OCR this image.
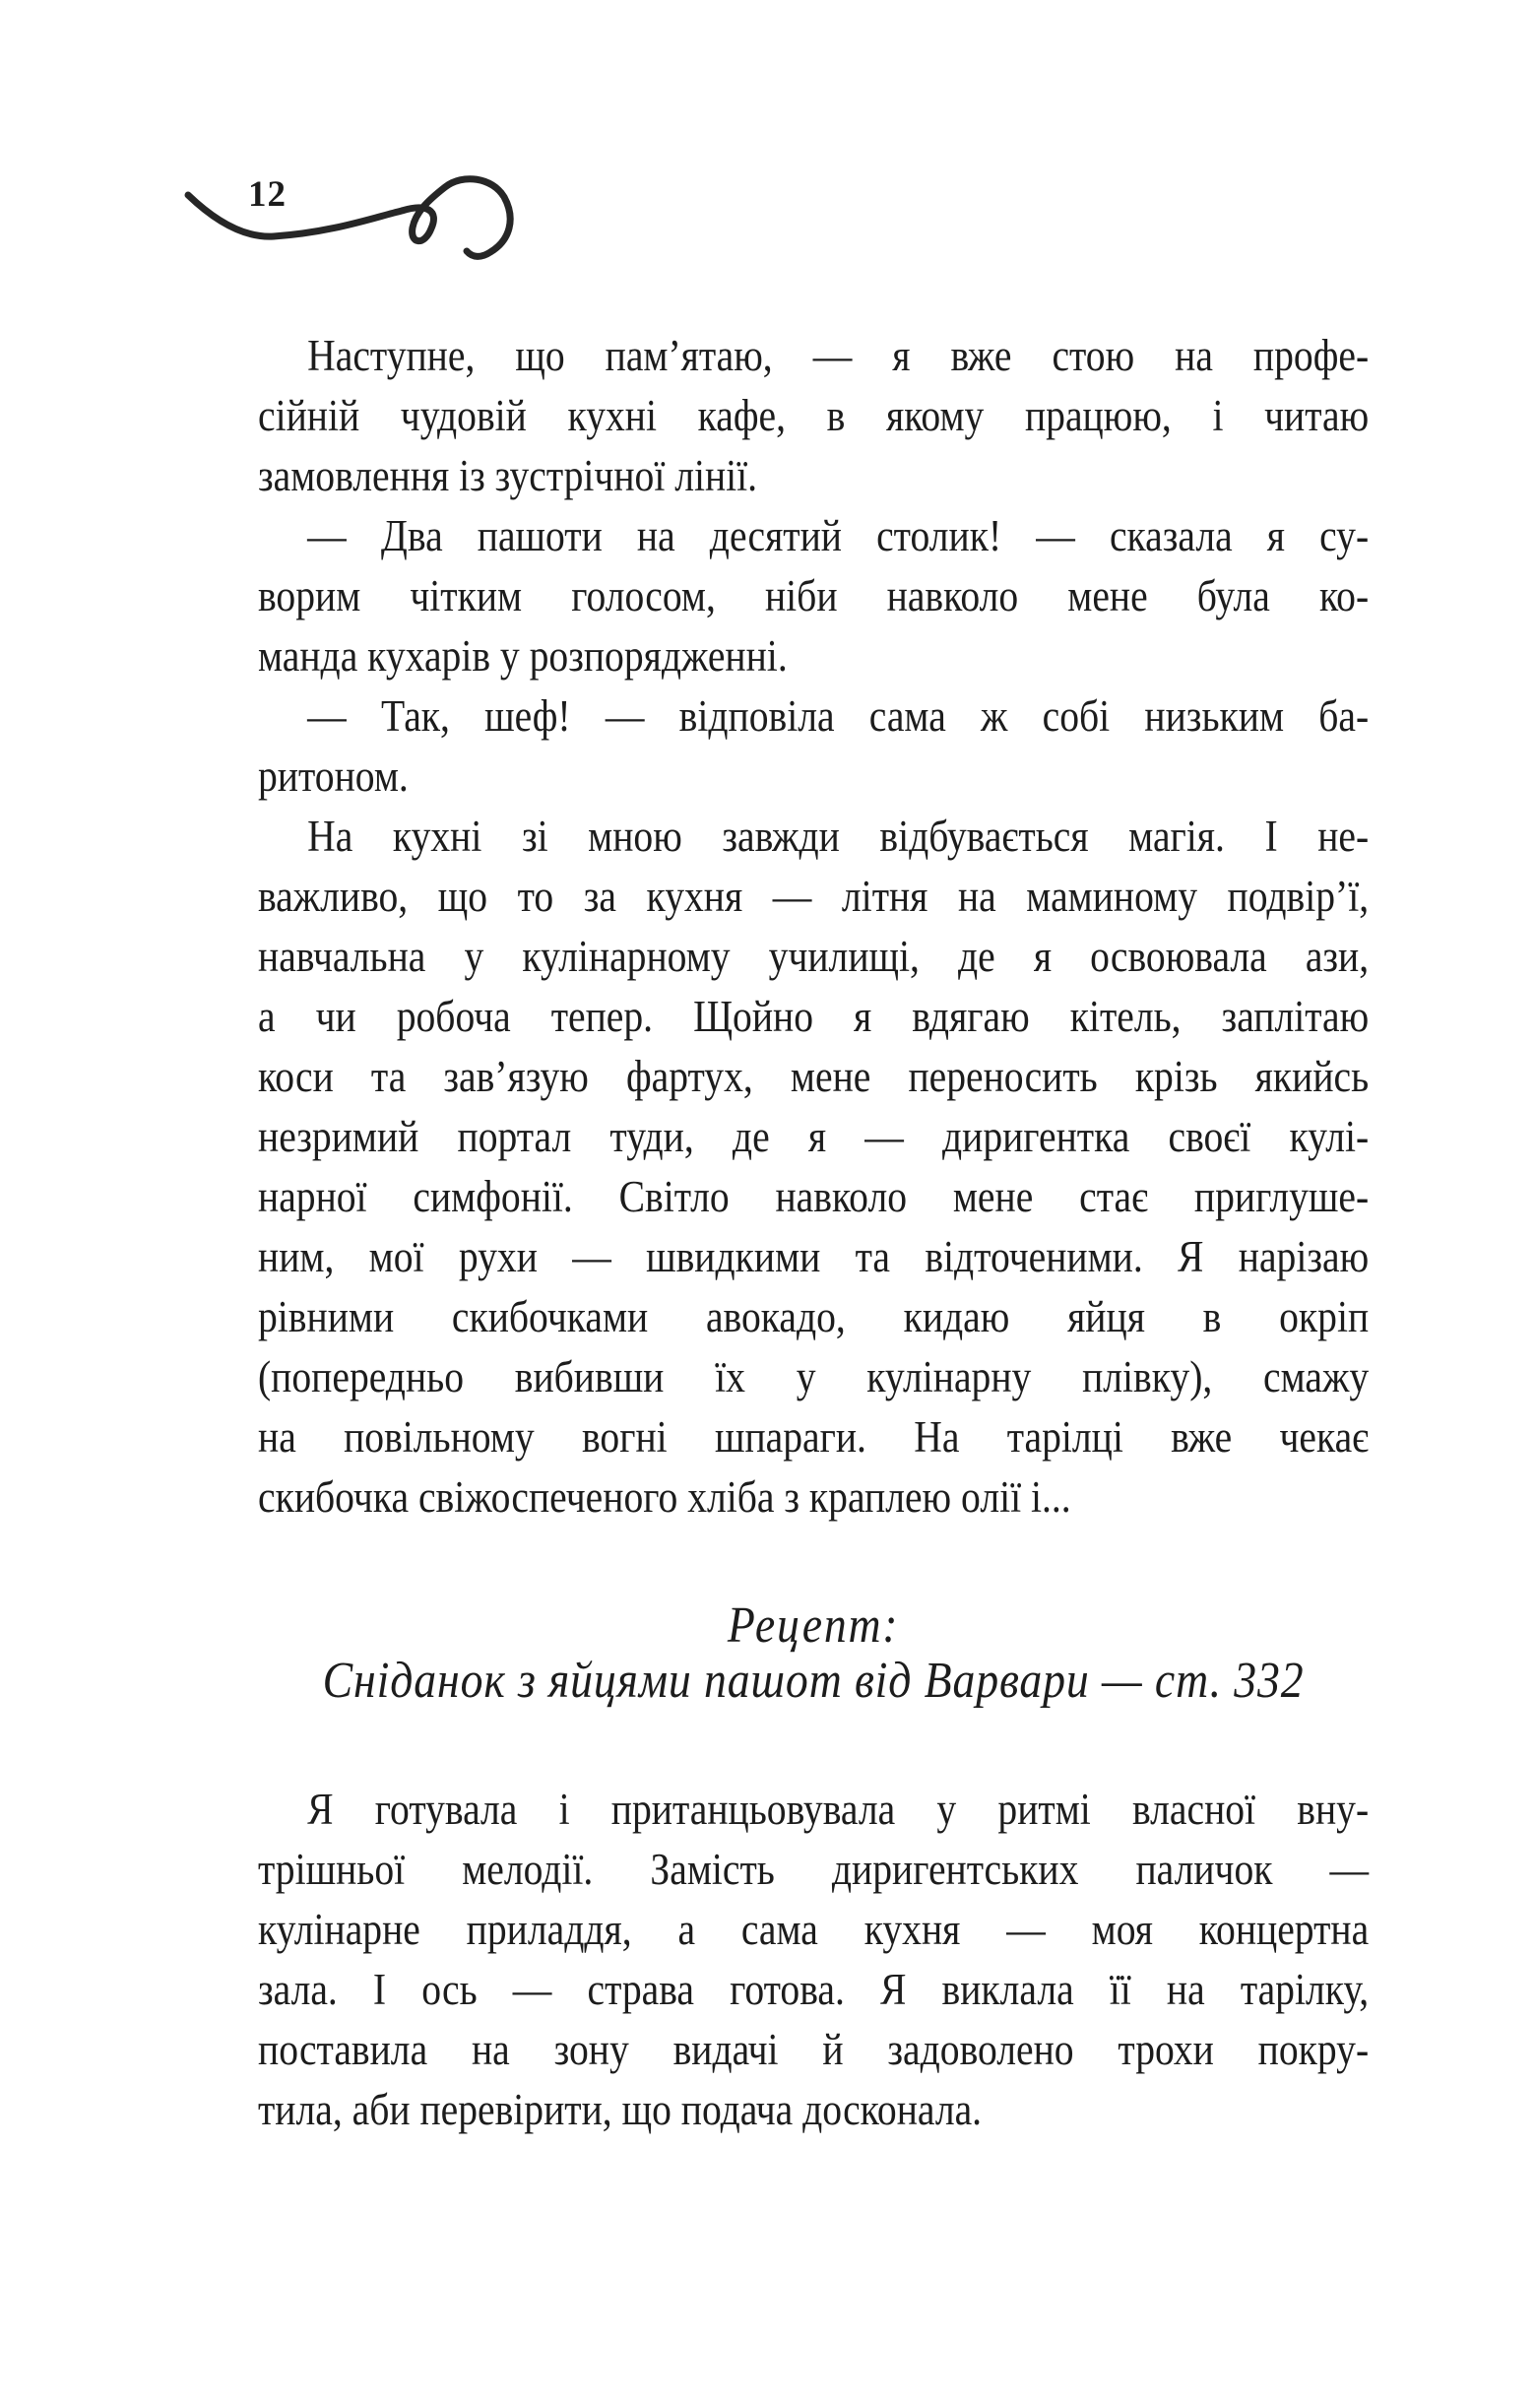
12
Наступне, що пам’ятаю, — я вже стою на профе-
сійній чудовій кухні кафе, в якому працюю, і читаю
замовлення із зустрічної лінії.
— Два пашоти на десятий столик! — сказала я су-
ворим чітким голосом, ніби навколо мене була ко-
манда кухарів у розпорядженні.
— Так, шеф! — відповіла сама ж собі низьким ба-
ритоном.
На кухні зі мною завжди відбувається магія. І не-
важливо, що то за кухня — літня на маминому подвір’ї,
навчальна у кулінарному училищі, де я освоювала ази,
а чи робоча тепер. Щойно я вдягаю кітель, заплітаю
коси та зав’язую фартух, мене переносить крізь якийсь
незримий портал туди, де я — диригентка своєї кулі-
нарної симфонії. Світло навколо мене стає приглуше-
ним, мої рухи — швидкими та відточеними. Я нарізаю
рівними скибочками авокадо, кидаю яйця в окріп
(попередньо вибивши їх у кулінарну плівку), смажу
на повільному вогні шпараги. На тарілці вже чекає
скибочка свіжоспеченого хліба з краплею олії і...
Рецепт:
Сніданок з яйцями пашот від Варвари — ст. 332
Я готувала і пританцьовувала у ритмі власної вну-
трішньої мелодії. Замість диригентських паличок —
кулінарне приладдя, а сама кухня — моя концертна
зала. І ось — страва готова. Я виклала її на тарілку,
поставила на зону видачі й задоволено трохи покру-
тила, аби перевірити, що подача досконала.
